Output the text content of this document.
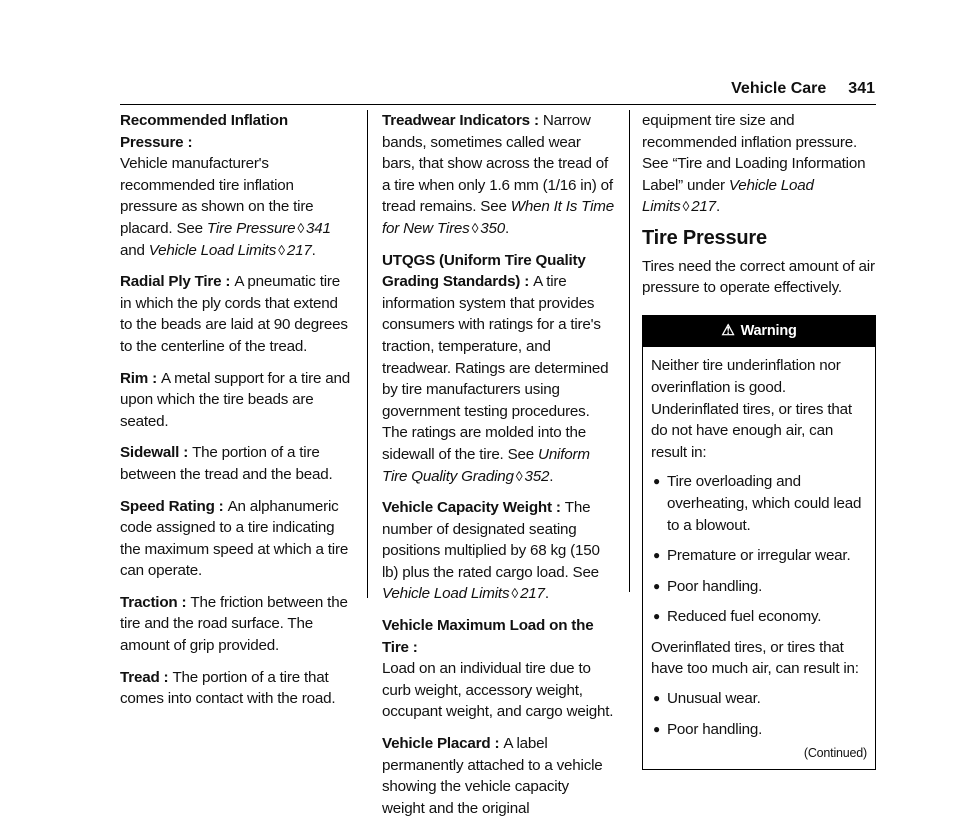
Vehicle Care 341

Recommended Inflation Pressure :
Vehicle manufacturer's recommended tire inflation pressure as shown on the tire placard. See Tire Pressure ◊ 341 and Vehicle Load Limits ◊ 217.

Radial Ply Tire : A pneumatic tire in which the ply cords that extend to the beads are laid at 90 degrees to the centerline of the tread.

Rim : A metal support for a tire and upon which the tire beads are seated.

Sidewall : The portion of a tire between the tread and the bead.

Speed Rating : An alphanumeric code assigned to a tire indicating the maximum speed at which a tire can operate.

Traction : The friction between the tire and the road surface. The amount of grip provided.

Tread : The portion of a tire that comes into contact with the road.

Treadwear Indicators : Narrow bands, sometimes called wear bars, that show across the tread of a tire when only 1.6 mm (1/16 in) of tread remains. See When It Is Time for New Tires ◊ 350.

UTQGS (Uniform Tire Quality Grading Standards) : A tire information system that provides consumers with ratings for a tire's traction, temperature, and treadwear. Ratings are determined by tire manufacturers using government testing procedures. The ratings are molded into the sidewall of the tire. See Uniform Tire Quality Grading ◊ 352.

Vehicle Capacity Weight : The number of designated seating positions multiplied by 68 kg (150 lb) plus the rated cargo load. See Vehicle Load Limits ◊ 217.

Vehicle Maximum Load on the Tire :
Load on an individual tire due to curb weight, accessory weight, occupant weight, and cargo weight.

Vehicle Placard : A label permanently attached to a vehicle showing the vehicle capacity weight and the original

equipment tire size and recommended inflation pressure. See “Tire and Loading Information Label” under Vehicle Load Limits ◊ 217.

Tire Pressure

Tires need the correct amount of air pressure to operate effectively.

⚠ Warning

Neither tire underinflation nor overinflation is good. Underinflated tires, or tires that do not have enough air, can result in:

● Tire overloading and overheating, which could lead to a blowout.
● Premature or irregular wear.
● Poor handling.
● Reduced fuel economy.

Overinflated tires, or tires that have too much air, can result in:

● Unusual wear.
● Poor handling.
(Continued)
